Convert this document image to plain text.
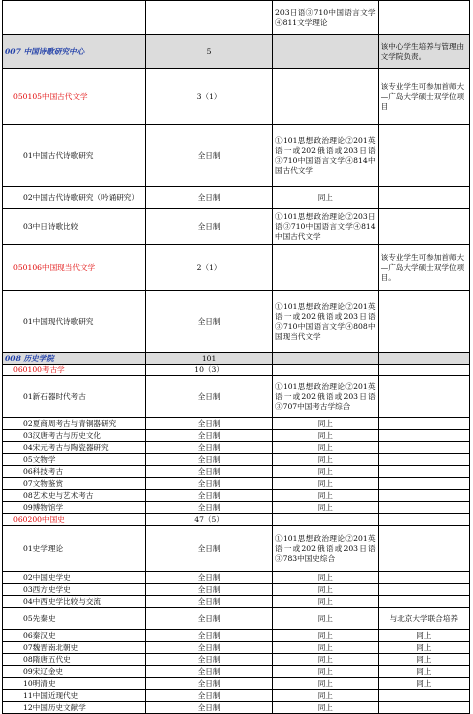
		203日语③710中国语言文学④811文学理论	
007 中国诗歌研究中心	5		该中心学生培养与管理由文学院负责。
050105中国古代文学	3（1）		该专业学生可参加首师大—广岛大学硕士双学位项目
01中国古代诗歌研究	全日制	①101思想政治理论②201英语一或202俄语或203日语③710中国语言文学④814中国古代文学	
02中国古代诗歌研究（吟诵研究）	全日制	同上	
03中日诗歌比较	全日制	①101思想政治理论②203日语③710中国语言文学④814中国古代文学	
050106中国现当代文学	2（1）		该专业学生可参加首师大—广岛大学硕士双学位项目。
01中国现代诗歌研究	全日制	①101思想政治理论②201英语一或202俄语或203日语③710中国语言文学④808中国现当代文学	
008 历史学院	101		
060100考古学	10（3）		
01新石器时代考古	全日制	①101思想政治理论②201英语一或202俄语或203日语③707中国考古学综合	
02夏商周考古与青铜器研究	全日制	同上	
03汉唐考古与历史文化	全日制	同上	
04宋元考古与陶瓷器研究	全日制	同上	
05文物学	全日制	同上	
06科技考古	全日制	同上	
07文物鉴赏	全日制	同上	
08艺术史与艺术考古	全日制	同上	
09博物馆学	全日制	同上	
060200中国史	47（5）		
01史学理论	全日制	①101思想政治理论②201英语一或202俄语或203日语③783中国史综合	
02中国史学史	全日制	同上	
03西方史学史	全日制	同上	
04中西史学比较与交流	全日制	同上	
05先秦史	全日制	同上	与北京大学联合培养
06秦汉史	全日制	同上	同上
07魏晋南北朝史	全日制	同上	同上
08隋唐五代史	全日制	同上	同上
09宋辽金史	全日制	同上	同上
10明清史	全日制	同上	同上
11中国近现代史	全日制	同上	
12中国历史文献学	全日制	同上	
